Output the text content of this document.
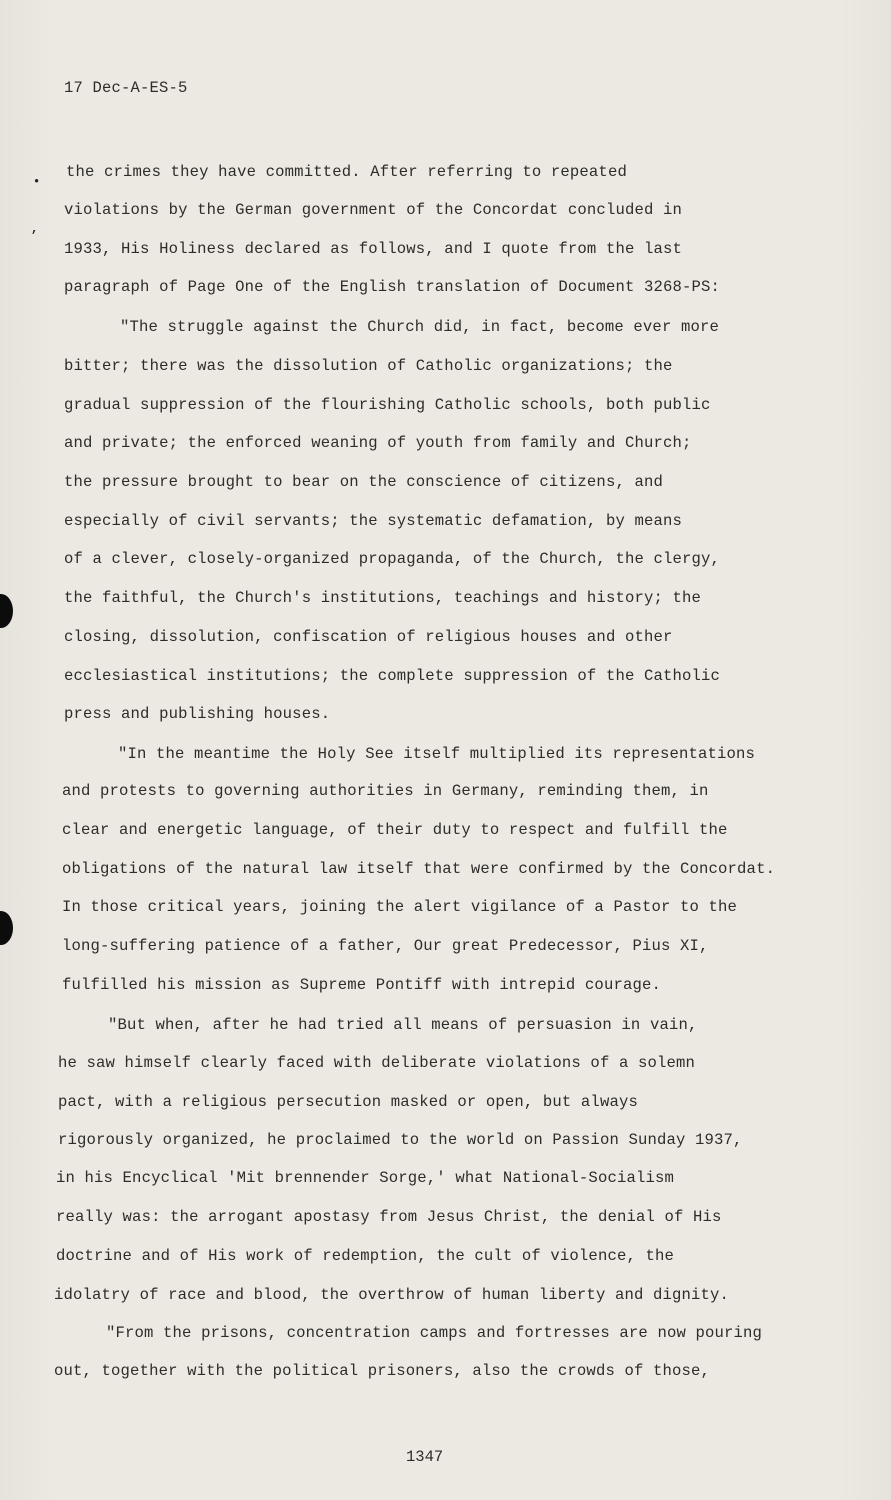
•
,
17 Dec-A-ES-5
the crimes they have committed. After referring to repeated
violations by the German government of the Concordat concluded in
1933, His Holiness declared as follows, and I quote from the last
paragraph of Page One of the English translation of Document 3268-PS:
"The struggle against the Church did, in fact, become ever more
bitter; there was the dissolution of Catholic organizations; the
gradual suppression of the flourishing Catholic schools, both public
and private; the enforced weaning of youth from family and Church;
the pressure brought to bear on the conscience of citizens, and
especially of civil servants; the systematic defamation, by means
of a clever, closely-organized propaganda, of the Church, the clergy,
the faithful, the Church's institutions, teachings and history; the
closing, dissolution, confiscation of religious houses and other
ecclesiastical institutions; the complete suppression of the Catholic
press and publishing houses.
"In the meantime the Holy See itself multiplied its representations
and protests to governing authorities in Germany, reminding them, in
clear and energetic language, of their duty to respect and fulfill the
obligations of the natural law itself that were confirmed by the Concordat.
In those critical years, joining the alert vigilance of a Pastor to the
long-suffering patience of a father, Our great Predecessor, Pius XI,
fulfilled his mission as Supreme Pontiff with intrepid courage.
"But when, after he had tried all means of persuasion in vain,
he saw himself clearly faced with deliberate violations of a solemn
pact, with a religious persecution masked or open, but always
rigorously organized, he proclaimed to the world on Passion Sunday 1937,
in his Encyclical 'Mit brennender Sorge,' what National-Socialism
really was: the arrogant apostasy from Jesus Christ, the denial of His
doctrine and of His work of redemption, the cult of violence, the
idolatry of race and blood, the overthrow of human liberty and dignity.
"From the prisons, concentration camps and fortresses are now pouring
out, together with the political prisoners, also the crowds of those,
1347
